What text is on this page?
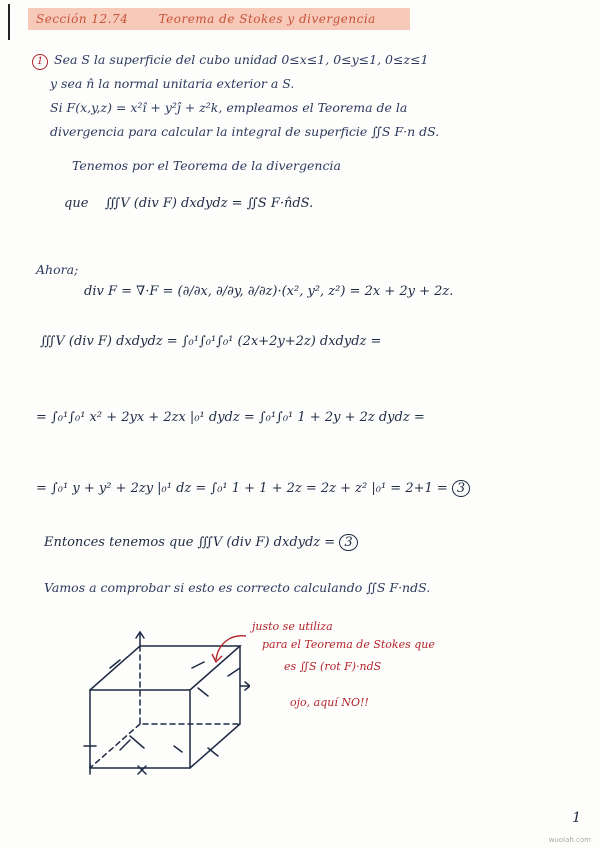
Sección 12.74	Teorema de Stokes y divergencia
1 Sea S la superficie del cubo unidad 0≤x≤1, 0≤y≤1, 0≤z≤1
y sea n̂ la normal unitaria exterior a S.
Si F(x,y,z) = x²î + y²ĵ + z²k, empleamos el Teorema de la
divergencia para calcular la integral de superficie ∬S F·n dS.
Tenemos por el Teorema de la divergencia
que ∭V (div F) dxdydz = ∬S F·n̂dS.
Ahora;
div F = ∇·F = (∂/∂x, ∂/∂y, ∂/∂z)·(x², y², z²) = 2x + 2y + 2z.
∭V (div F) dxdydz = ∫₀¹∫₀¹∫₀¹ (2x+2y+2z) dxdydz =
= ∫₀¹∫₀¹ x² + 2yx + 2zx |₀¹ dydz = ∫₀¹∫₀¹ 1 + 2y + 2z dydz =
= ∫₀¹ y + y² + 2zy |₀¹ dz = ∫₀¹ 1 + 1 + 2z = 2z + z² |₀¹ = 2+1 = 3
Entonces tenemos que ∭V (div F) dxdydz = 3
Vamos a comprobar si esto es correcto calculando ∬S F·ndS.
justo se utiliza
para el Teorema de Stokes que
es ∬S (rot F)·ndS
ojo, aquí NO!!
1
wuolah.com
